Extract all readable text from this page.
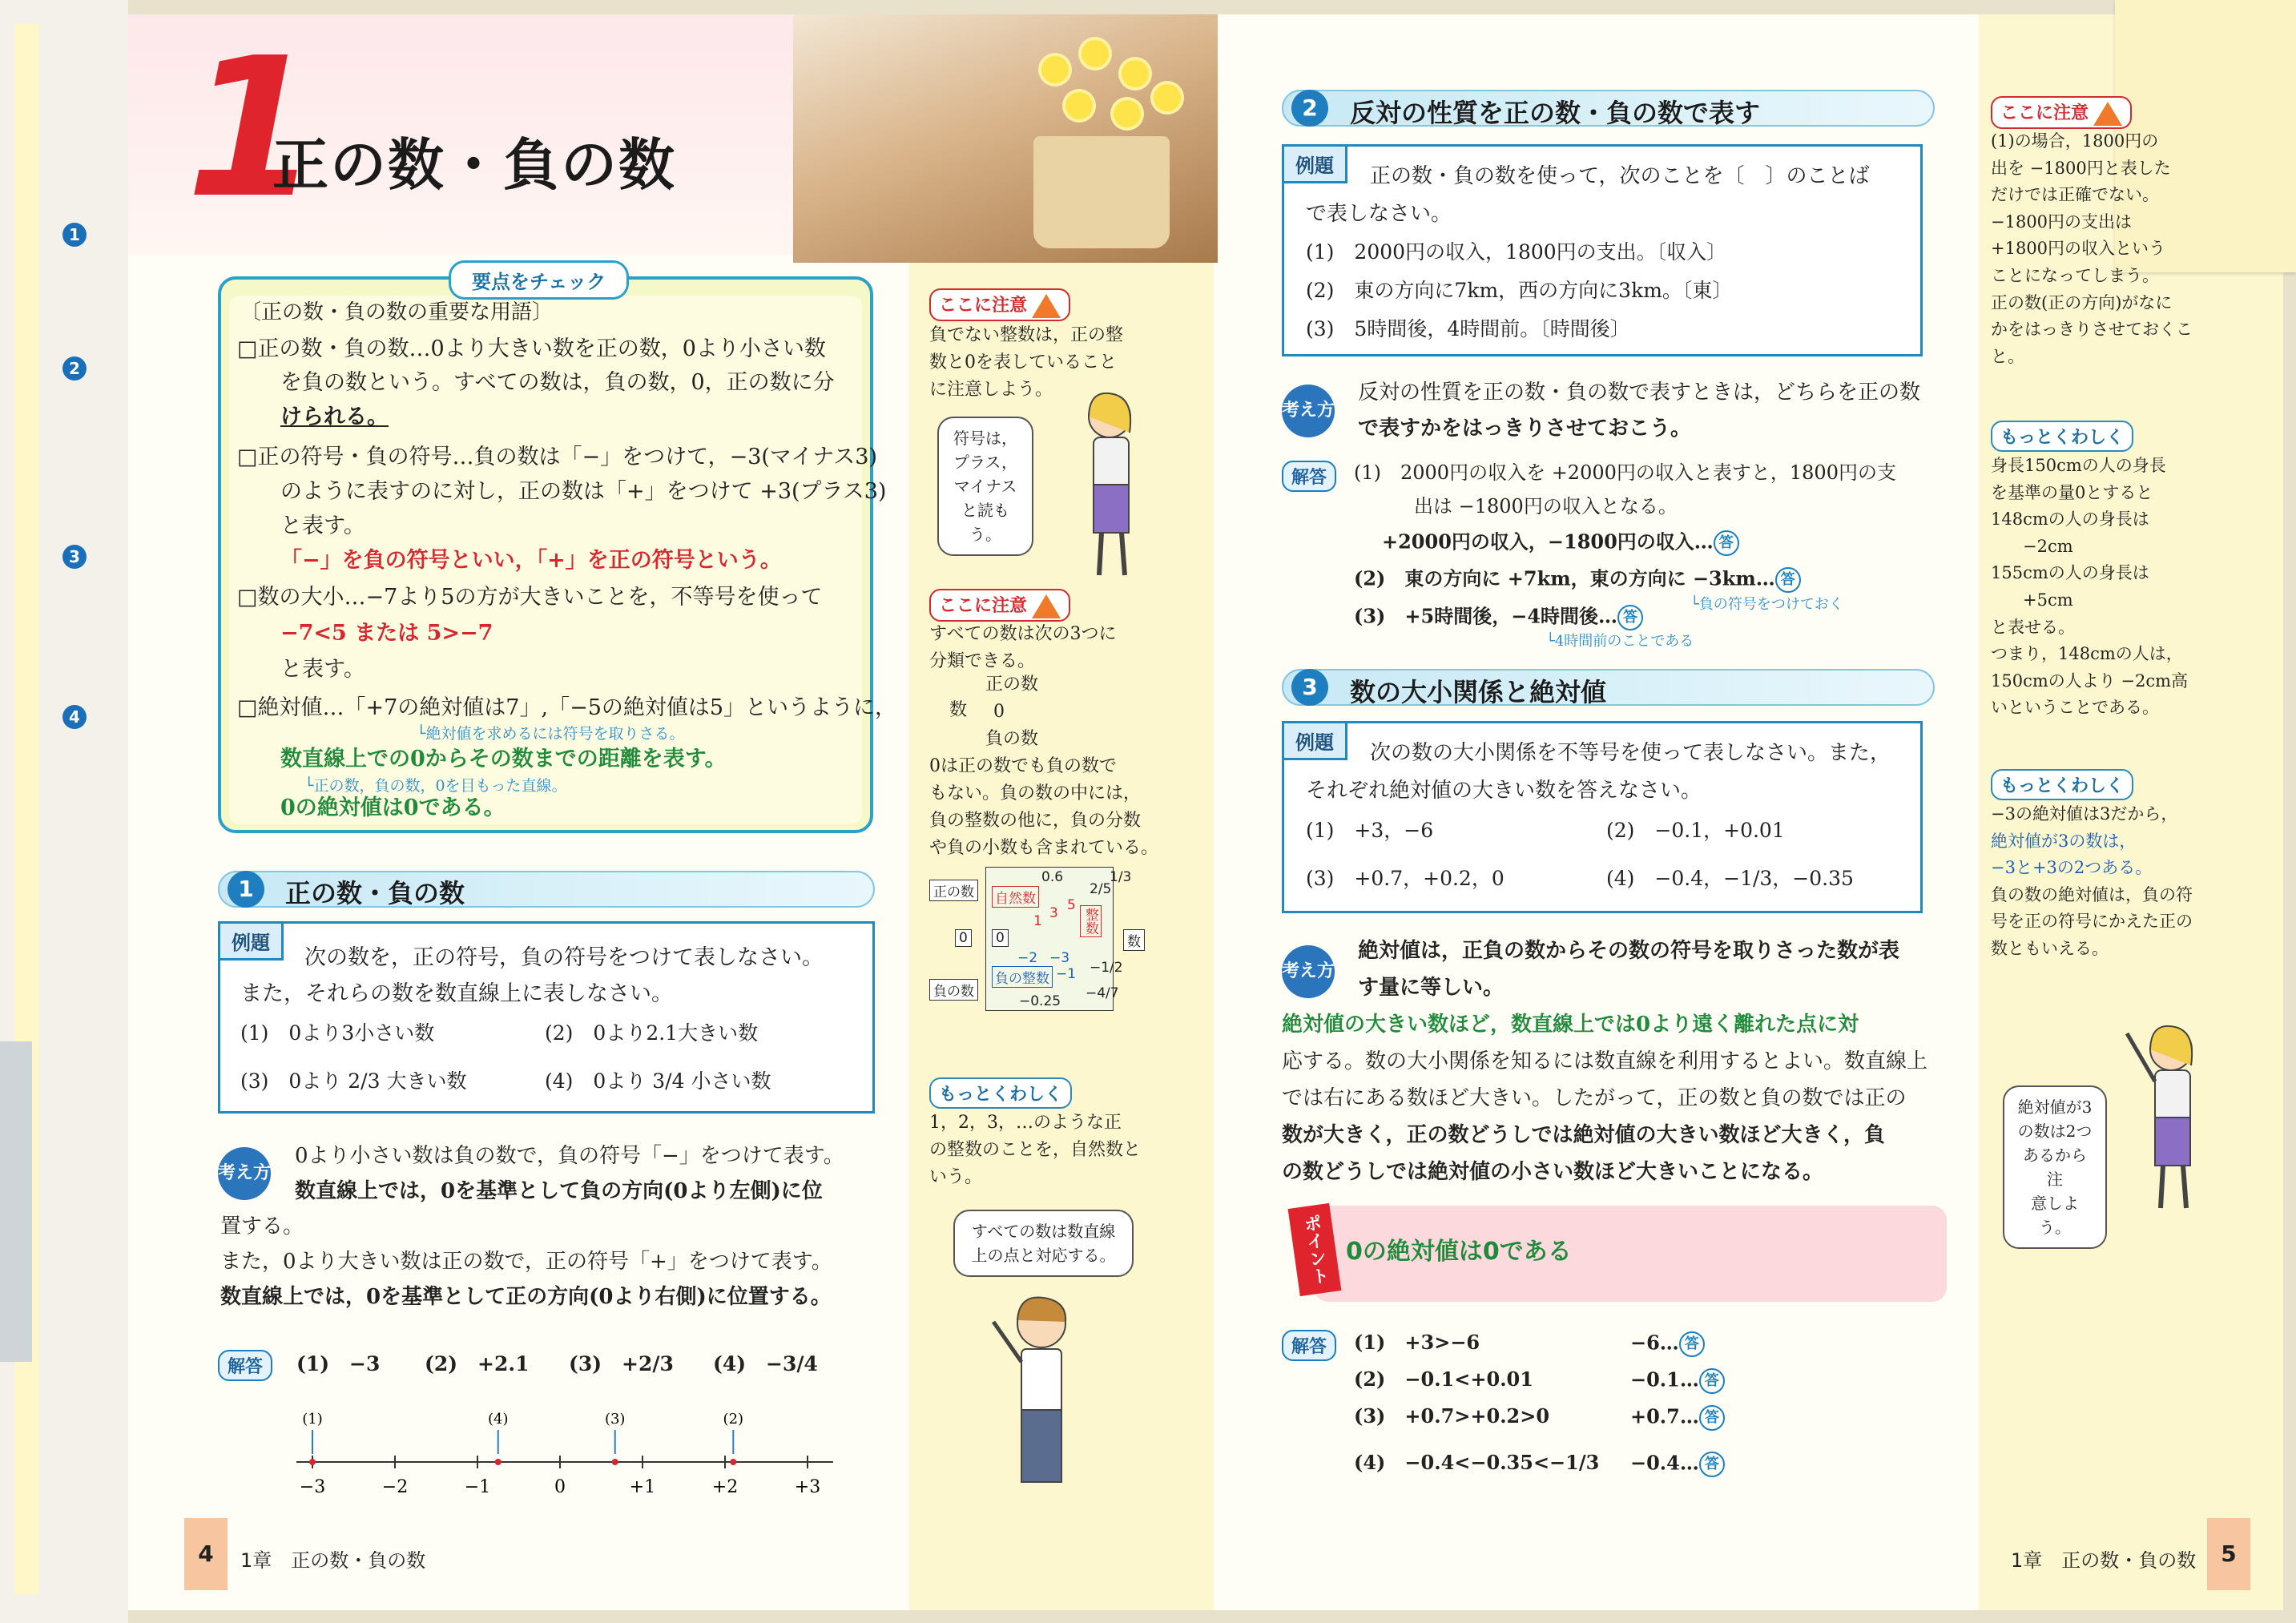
1
2
3
4
1
正の数・負の数
要点をチェック
〔正の数・負の数の重要な用語〕
□正の数・負の数…0より大きい数を正の数，0より小さい数
を負の数という。すべての数は，負の数，0，正の数に分
けられる。
□正の符号・負の符号…負の数は「−」をつけて，−3(マイナス3)
のように表すのに対し，正の数は「+」をつけて +3(プラス3)
と表す。
「−」を負の符号といい，「+」を正の符号という。
□数の大小…−7より5の方が大きいことを，不等号を使って
−7<5 または 5>−7
と表す。
□絶対値…「+7の絶対値は7」,「−5の絶対値は5」というように，
└絶対値を求めるには符号を取りさる。
数直線上での0からその数までの距離を表す。
└正の数，負の数，0を目もった直線。
0の絶対値は0である。
1	正の数・負の数
例題
次の数を，正の符号，負の符号をつけて表しなさい。
また，それらの数を数直線上に表しなさい。
(1)　0より3小さい数	(2)　0より2.1大きい数
(3)　0より 2/3 大きい数	(4)　0より 3/4 小さい数
考え方
0より小さい数は負の数で，負の符号「−」をつけて表す。
数直線上では，0を基準として負の方向(0より左側)に位
置する。
また，0より大きい数は正の数で，正の符号「+」をつけて表す。
数直線上では，0を基準として正の方向(0より右側)に位置する。
解答	(1)　−3 (2)　+2.1 (3)　+2/3 (4)　−3/4
−3	−2	−1	0	+1	+2	+3
(1)	(4)	(3)	(2)
ここに注意
負でない整数は，正の整
数と0を表していること
に注意しよう。
符号は，
プラス，
マイナス
と読もう。
ここに注意
すべての数は次の3つに
分類できる。
正の数
0
負の数
数
0は正の数でも負の数で
もない。負の数の中には，
負の整数の他に，負の分数
や負の小数も含まれている。
正の数
0
負の数
自然数
0
負の整数
整数
数
0.6
2/5
1/3
1 3 5
−2 −3
−1 −1/2
−4/7
−0.25
もっとくわしく
1，2，3，…のような正
の整数のことを，自然数と
いう。
すべての数は数直線
上の点と対応する。
4	1章　正の数・負の数
2	反対の性質を正の数・負の数で表す
例題	正の数・負の数を使って，次のことを〔　〕のことば
で表しなさい。
(1)　2000円の収入，1800円の支出。〔収入〕
(2)　東の方向に7km，西の方向に3km。〔東〕
(3)　5時間後，4時間前。〔時間後〕
考え方
反対の性質を正の数・負の数で表すときは，どちらを正の数
で表すかをはっきりさせておこう。
解答	(1)　2000円の収入を +2000円の収入と表すと，1800円の支
出は −1800円の収入となる。
+2000円の収入，−1800円の収入… 答
(2)　東の方向に +7km，東の方向に −3km… 答
└負の符号をつけておく
(3)　+5時間後，−4時間後… 答
└4時間前のことである
3	数の大小関係と絶対値
例題	次の数の大小関係を不等号を使って表しなさい。また，
それぞれ絶対値の大きい数を答えなさい。
(1)　+3，−6	(2)　−0.1，+0.01
(3)　+0.7，+0.2，0	(4)　−0.4，−1/3，−0.35
考え方
絶対値は，正負の数からその数の符号を取りさった数が表
す量に等しい。
絶対値の大きい数ほど，数直線上では0より遠く離れた点に対
応する。数の大小関係を知るには数直線を利用するとよい。数直線上
では右にある数ほど大きい。したがって，正の数と負の数では正の
数が大きく，正の数どうしでは絶対値の大きい数ほど大きく，負
の数どうしでは絶対値の小さい数ほど大きいことになる。
ポイント 0の絶対値は0である
解答	(1)　+3>−6	−6… 答
(2)　−0.1<+0.01	−0.1… 答
(3)　+0.7>+0.2>0	+0.7… 答
(4)　−0.4<−0.35<−1/3 −0.4… 答
ここに注意
(1)の場合，1800円の
出を −1800円と表した
だけでは正確でない。
−1800円の支出は
+1800円の収入という
ことになってしまう。
正の数(正の方向)がなに
かをはっきりさせておくこ
と。
もっとくわしく
身長150cmの人の身長
を基準の量0とすると
148cmの人の身長は
−2cm
155cmの人の身長は
+5cm
と表せる。
つまり，148cmの人は，
150cmの人より −2cm高
いということである。
もっとくわしく
−3の絶対値は3だから，
絶対値が3の数は，
−3と+3の2つある。
負の数の絶対値は，負の符
号を正の符号にかえた正の
数ともいえる。
絶対値が3
の数は2つ
あるから注
意しよう。
1章　正の数・負の数	5
